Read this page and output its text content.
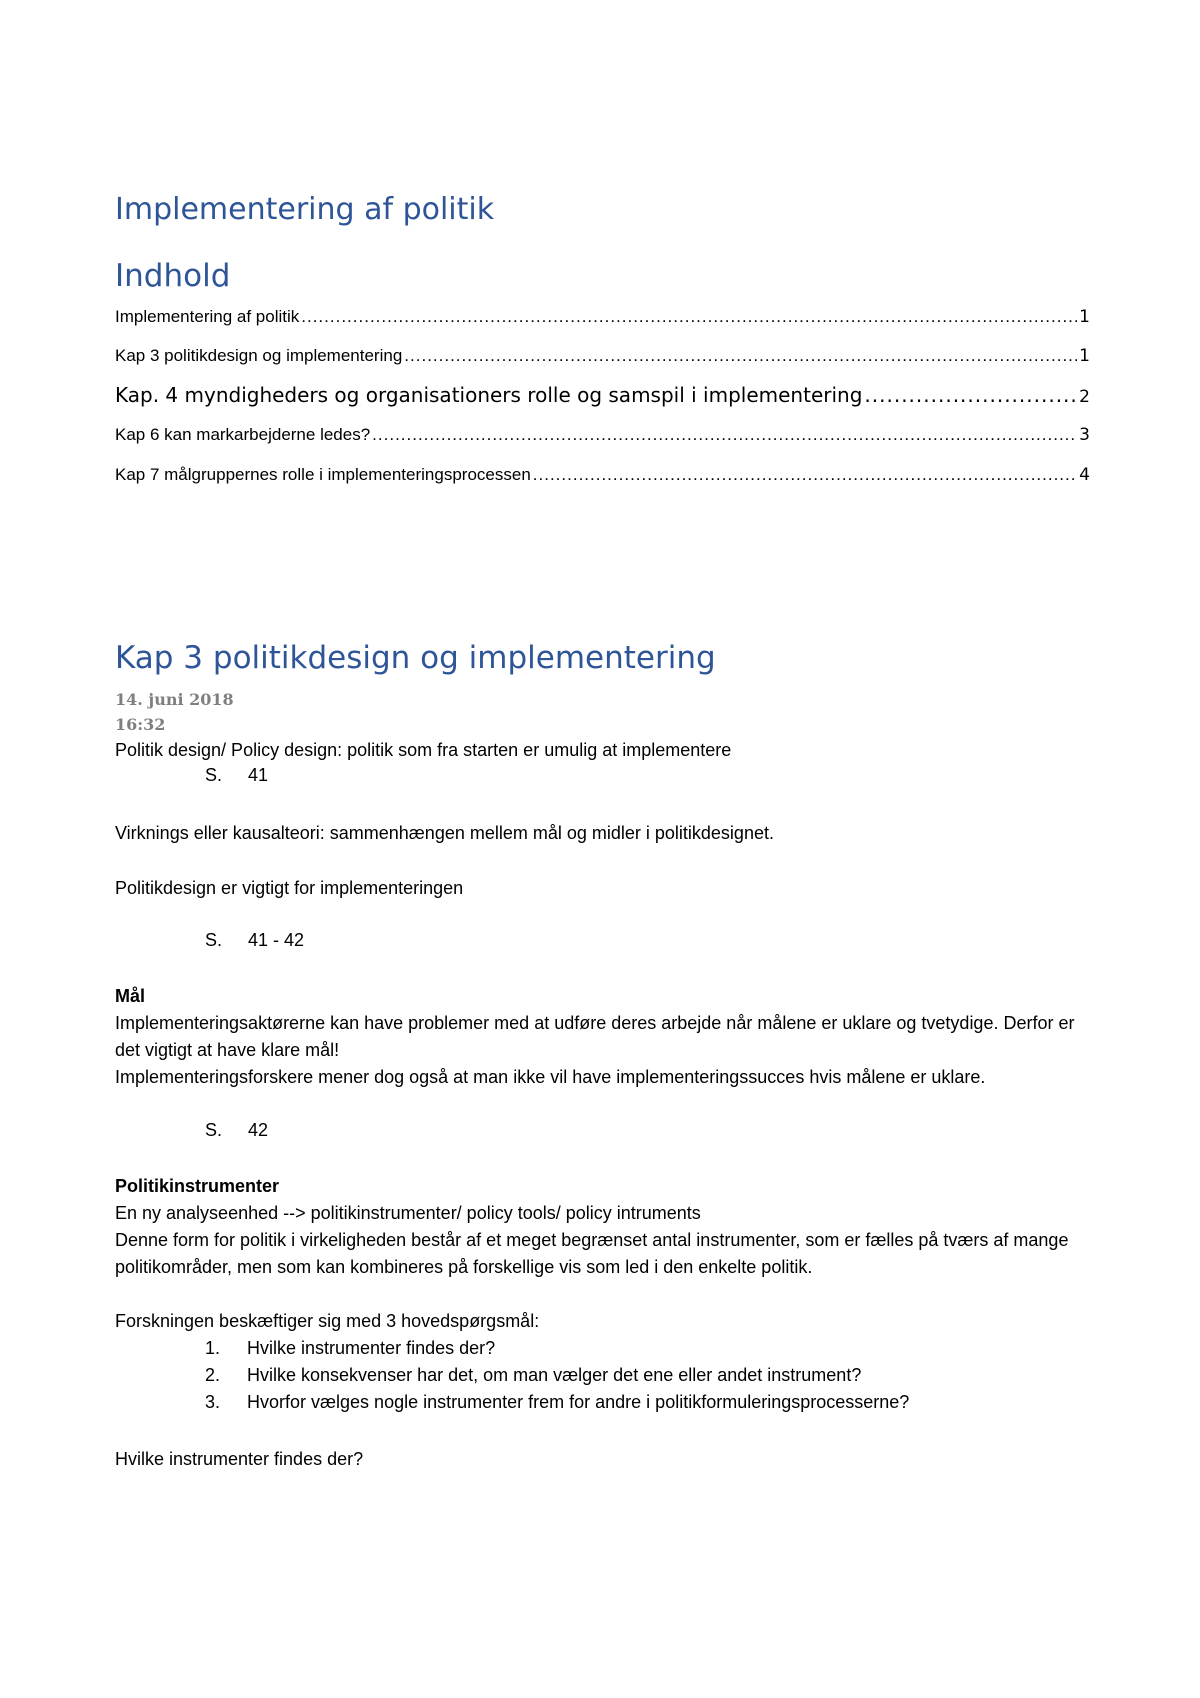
Implementering af politik
Indhold
Implementering af politik .....	1
Kap 3 politikdesign og implementering .....	1
Kap. 4 myndigheders og organisationers rolle og samspil i implementering .....	2
Kap 6 kan markarbejderne ledes? .....	3
Kap 7 målgruppernes rolle i implementeringsprocessen .....	4
Kap 3 politikdesign og implementering
14. juni 2018
16:32
Politik design/ Policy design: politik som fra starten er umulig at implementere
S. 41
Virknings eller kausalteori: sammenhængen mellem mål og midler i politikdesignet.
Politikdesign er vigtigt for implementeringen
S. 41 - 42
Mål
Implementeringsaktørerne kan have problemer med at udføre deres arbejde når målene er uklare og tvetydige. Derfor er det vigtigt at have klare mål!
Implementeringsforskere mener dog også at man ikke vil have implementeringssucces hvis målene er uklare.
S. 42
Politikinstrumenter
En ny analyseenhed --> politikinstrumenter/ policy tools/ policy intruments
Denne form for politik i virkeligheden består af et meget begrænset antal instrumenter, som er fælles på tværs af mange politikområder, men som kan kombineres på forskellige vis som led i den enkelte politik.
Forskningen beskæftiger sig med 3 hovedspørgsmål:
1. Hvilke instrumenter findes der?
2. Hvilke konsekvenser har det, om man vælger det ene eller andet instrument?
3. Hvorfor vælges nogle instrumenter frem for andre i politikformuleringsprocesserne?
Hvilke instrumenter findes der?
